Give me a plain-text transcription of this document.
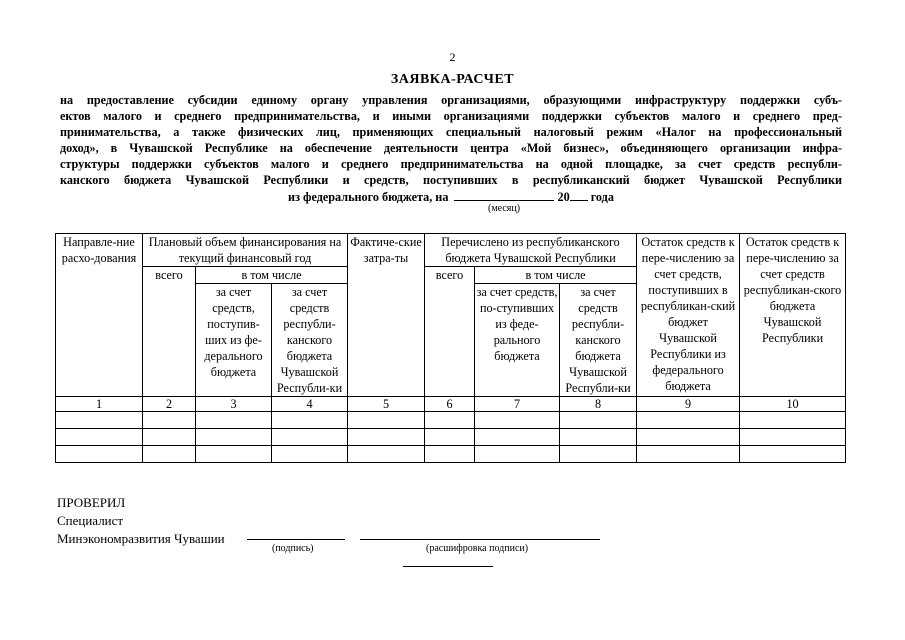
2
ЗАЯВКА-РАСЧЕТ
на предоставление субсидии единому органу управления организациями, образующими инфраструктуру поддержки субъ-
ектов малого и среднего предпринимательства, и иными организациями поддержки субъектов малого и среднего пред-
принимательства, а также физических лиц, применяющих специальный налоговый режим «Налог на профессиональный
доход», в Чувашской Республике на обеспечение деятельности центра «Мой бизнес», объединяющего организации инфра-
структуры поддержки субъектов малого и среднего предпринимательства на одной площадке, за счет средств республи-
канского бюджета Чувашской Республики и средств, поступивших в республиканский бюджет Чувашской Республики
из федерального бюджета, на	20 года
(месяц)
Направле-ние расхо-дования	Плановый объем финансирования на текущий финансовый год			Фактиче-ские затра-ты	Перечислено из республиканского бюджета Чувашской Республики			Остаток средств к пере-числению за счет средств, поступивших в республикан-ский бюджет Чувашской Республики из федерального бюджета	Остаток средств к пере-числению за счет средств республикан-ского бюджета Чувашской Республики
	всего	в том числе			всего	в том числе			
		за счет средств, поступив-ших из фе-дерального бюджета	за счет средств республи-канского бюджета Чувашской Республи-ки			за счет средств, по-ступивших из феде-рального бюджета	за счет средств республи-канского бюджета Чувашской Республи-ки		
1	2	3	4	5	6	7	8	9	10

ПРОВЕРИЛ
Специалист
Минэкономразвития Чувашии
(подпись)	(расшифровка подписи)
